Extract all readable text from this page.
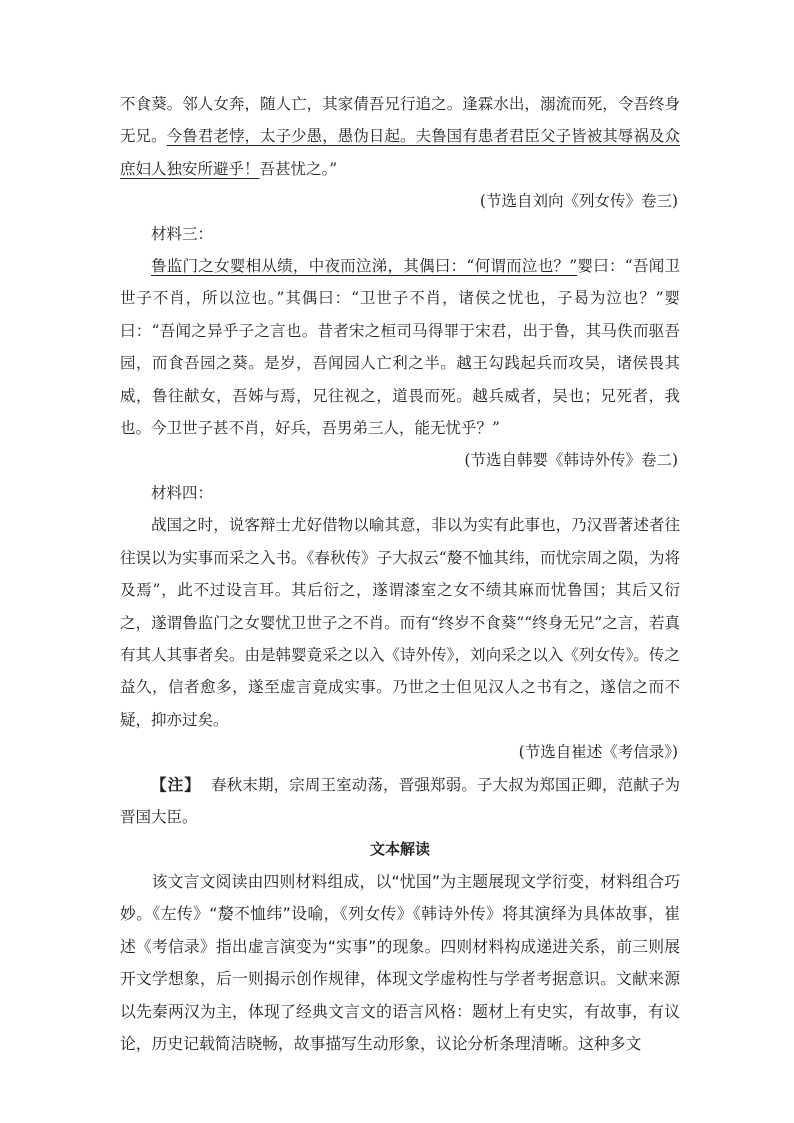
不食葵。邻人女奔，随人亡，其家倩吾兄行追之。逢霖水出，溺流而死，令吾终身无兄。今鲁君老悖，太子少愚，愚伪日起。夫鲁国有患者君臣父子皆被其辱祸及众庶妇人独安所避乎！吾甚忧之。”

(节选自刘向《列女传》卷三)

材料三：

鲁监门之女婴相从绩，中夜而泣涕，其偶曰：“何谓而泣也？”婴曰：“吾闻卫世子不肖，所以泣也。”其偶曰：“卫世子不肖，诸侯之忧也，子曷为泣也？”婴曰：“吾闻之异乎子之言也。昔者宋之桓司马得罪于宋君，出于鲁，其马佚而驱吾园，而食吾园之葵。是岁，吾闻园人亡利之半。越王勾践起兵而攻吴，诸侯畏其威，鲁往献女，吾姊与焉，兄往视之，道畏而死。越兵威者，吴也；兄死者，我也。今卫世子甚不肖，好兵，吾男弟三人，能无忧乎？”

(节选自韩婴《韩诗外传》卷二)

材料四：

战国之时，说客辩士尤好借物以喻其意，非以为实有此事也，乃汉晋著述者往往误以为实事而采之入书。《春秋传》子大叔云“嫠不恤其纬，而忧宗周之陨，为将及焉”，此不过设言耳。其后衍之，遂谓漆室之女不绩其麻而忧鲁国；其后又衍之，遂谓鲁监门之女婴忧卫世子之不肖。而有“终岁不食葵”“终身无兄”之言，若真有其人其事者矣。由是韩婴竟采之以入《诗外传》，刘向采之以入《列女传》。传之益久，信者愈多，遂至虚言竟成实事。乃世之士但见汉人之书有之，遂信之而不疑，抑亦过矣。

(节选自崔述《考信录》)

【注】 春秋末期，宗周王室动荡，晋强郑弱。子大叔为郑国正卿，范献子为晋国大臣。

文本解读

该文言文阅读由四则材料组成，以“忧国”为主题展现文学衍变，材料组合巧妙。《左传》“嫠不恤纬”设喻，《列女传》《韩诗外传》将其演绎为具体故事，崔述《考信录》指出虚言演变为“实事”的现象。四则材料构成递进关系，前三则展开文学想象，后一则揭示创作规律，体现文学虚构性与学者考据意识。文献来源以先秦两汉为主，体现了经典文言文的语言风格：题材上有史实，有故事，有议论，历史记载简洁晓畅，故事描写生动形象，议论分析条理清晰。这种多文
